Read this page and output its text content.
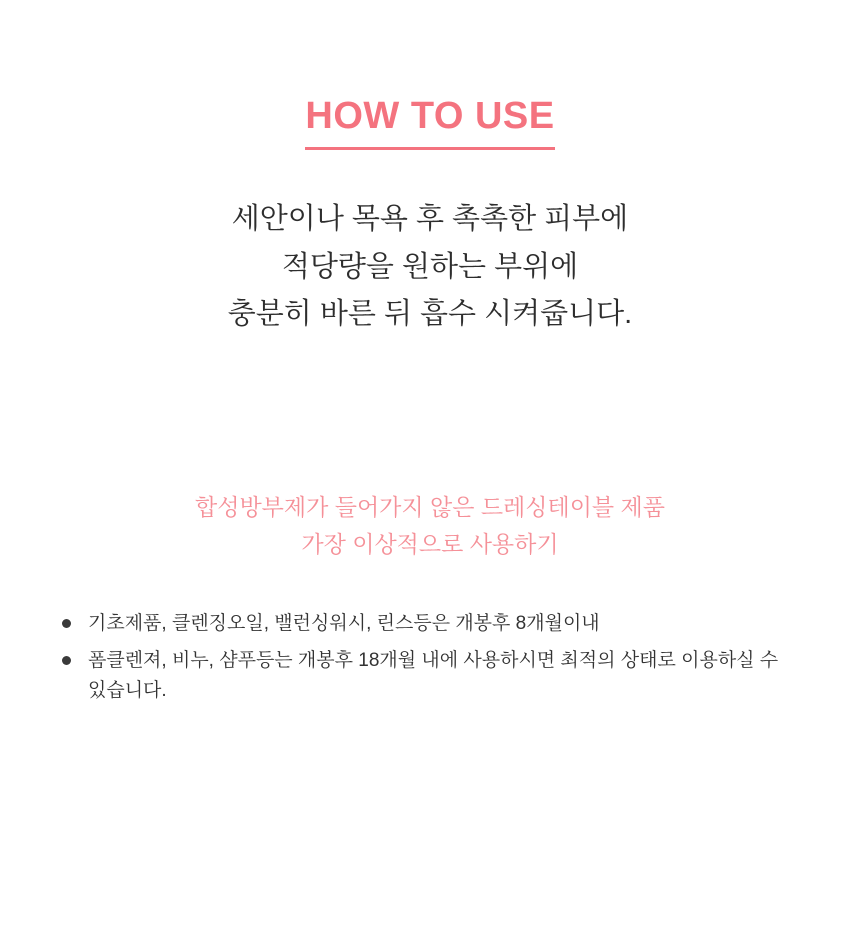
HOW TO USE
세안이나 목욕 후 촉촉한 피부에
적당량을 원하는 부위에
충분히 바른 뒤 흡수 시켜줍니다.
합성방부제가 들어가지 않은 드레싱테이블 제품
가장 이상적으로 사용하기
기초제품, 클렌징오일, 밸런싱워시, 린스등은 개봉후 8개월이내
폼클렌져, 비누, 샴푸등는 개봉후 18개월 내에 사용하시면 최적의 상태로 이용하실 수 있습니다.
